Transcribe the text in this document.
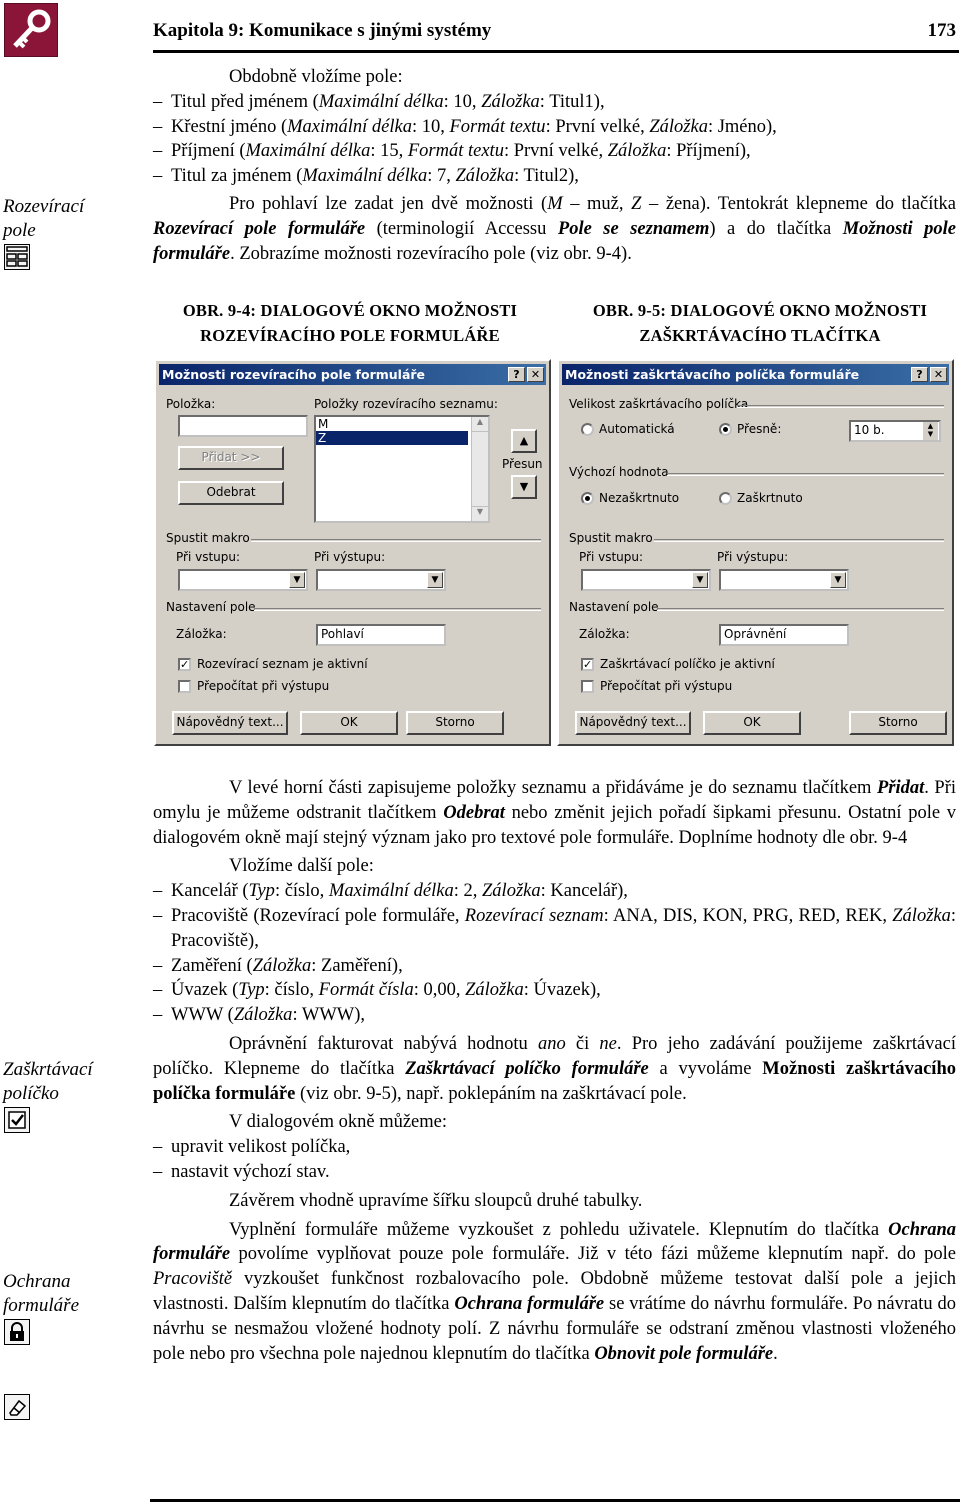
Kapitola 9: Komunikace s jinými systémy	173
Rozevírací
pole
Zaškrtávací
políčko
Ochrana
formuláře

Obdobně vložíme pole:

– Titul před jménem (Maximální délka: 10, Záložka: Titul1),

– Křestní jméno (Maximální délka: 10, Formát textu: První velké, Záložka: Jméno),

– Příjmení (Maximální délka: 15, Formát textu: První velké, Záložka: Příjmení),

– Titul za jménem (Maximální délka: 7, Záložka: Titul2),

Pro pohlaví lze zadat jen dvě možnosti (M – muž, Z – žena). Tentokrát klepneme do tlačítka Rozevírací pole formuláře (terminologií Accessu Pole se seznamem) a do tlačítka Možnosti pole formuláře. Zobrazíme možnosti rozevíracího pole (viz obr. 9-4).

OBR. 9-4: DIALOGOVÉ OKNO MOŽNOSTI
ROZEVÍRACÍHO POLE FORMULÁŘE
OBR. 9-5: DIALOGOVÉ OKNO MOŽNOSTI
ZAŠKRTÁVACÍHO TLAČÍTKA
Možnosti rozevíracího pole formuláře	?	✕
Položka:	Položky rozevíracího seznamu:
M
Z
▲
▼
Přidat >>
Odebrat
▲
Přesun
▼
Spustit makro
Při vstupu:	Při výstupu:
▼	▼
Nastavení pole
Záložka:	Pohlaví
✓ Rozevírací seznam je aktivní
Přepočítat při výstupu
Nápovědný text...	OK	Storno
Možnosti zaškrtávacího políčka formuláře	?	✕
Velikost zaškrtávacího políčka
Automatická	Přesně:	10 b.	▲
▼
Výchozí hodnota
Nezaškrtnuto	Zaškrtnuto
Spustit makro
Při vstupu:	Při výstupu:
▼	▼
Nastavení pole
Záložka:	Oprávnění
✓ Zaškrtávací políčko je aktivní
Přepočítat při výstupu
Nápovědný text...	OK	Storno

V levé horní části zapisujeme položky seznamu a přidáváme je do seznamu tlačítkem Přidat. Při omylu je můžeme odstranit tlačítkem Odebrat nebo změnit jejich pořadí šipkami přesunu. Ostatní pole v dialogovém okně mají stejný význam jako pro textové pole formuláře. Doplníme hodnoty dle obr. 9-4

Vložíme další pole:

– Kancelář (Typ: číslo, Maximální délka: 2, Záložka: Kancelář),

– Pracoviště (Rozevírací pole formuláře, Rozevírací seznam: ANA, DIS, KON, PRG, RED, REK, Záložka: Pracoviště),

– Zaměření (Záložka: Zaměření),

– Úvazek (Typ: číslo, Formát čísla: 0,00, Záložka: Úvazek),

– WWW (Záložka: WWW),

Oprávnění fakturovat nabývá hodnotu ano či ne. Pro jeho zadávání použijeme zaškrtávací políčko. Klepneme do tlačítka Zaškrtávací políčko formuláře a vyvoláme Možnosti zaškrtávacího políčka formuláře (viz obr. 9-5), např. poklepáním na zaškrtávací pole.

V dialogovém okně můžeme:

– upravit velikost políčka,

– nastavit výchozí stav.

Závěrem vhodně upravíme šířku sloupců druhé tabulky.

Vyplnění formuláře můžeme vyzkoušet z pohledu uživatele. Klepnutím do tlačítka Ochrana formuláře povolíme vyplňovat pouze pole formuláře. Již v této fázi můžeme klepnutím např. do pole Pracoviště vyzkoušet funkčnost rozbalovacího pole. Obdobně můžeme testovat další pole a jejich vlastnosti. Dalším klepnutím do tlačítka Ochrana formuláře se vrátíme do návrhu formuláře. Po návratu do návrhu se nesmažou vložené hodnoty polí. Z návrhu formuláře se odstraní změnou vlastnosti vloženého pole nebo pro všechna pole najednou klepnutím do tlačítka Obnovit pole formuláře.
